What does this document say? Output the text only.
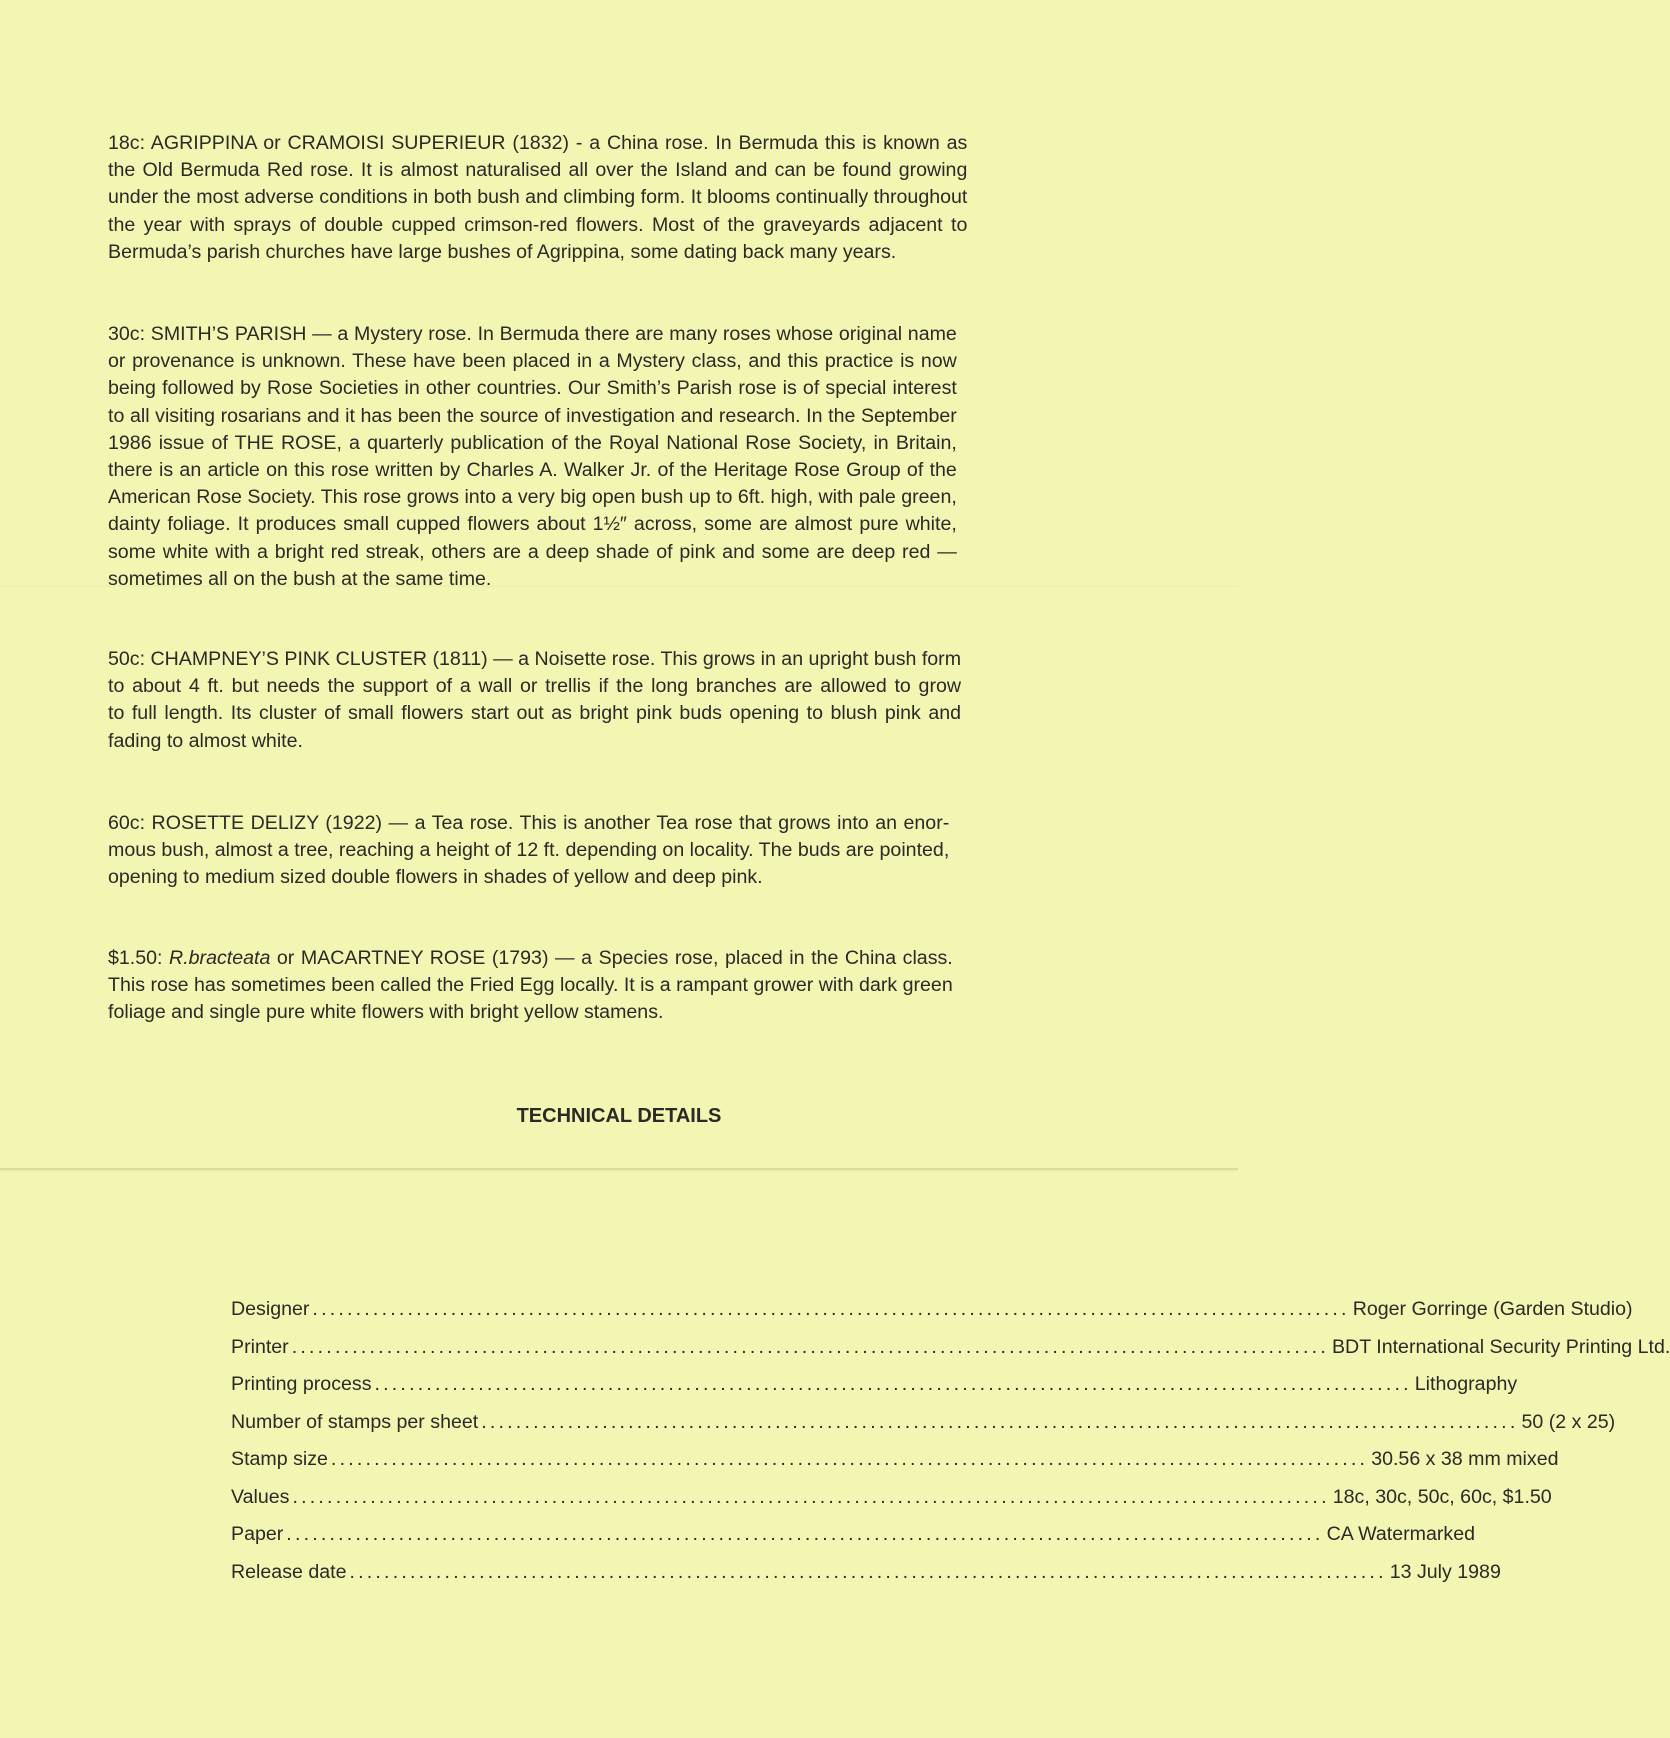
18c: AGRIPPINA or CRAMOISI SUPERIEUR (1832) - a China rose. In Bermuda this is known as
the Old Bermuda Red rose. It is almost naturalised all over the Island and can be found growing
under the most adverse conditions in both bush and climbing form. It blooms continually throughout
the year with sprays of double cupped crimson-red flowers. Most of the graveyards adjacent to
Bermuda’s parish churches have large bushes of Agrippina, some dating back many years.

30c: SMITH’S PARISH — a Mystery rose. In Bermuda there are many roses whose original name
or provenance is unknown. These have been placed in a Mystery class, and this practice is now
being followed by Rose Societies in other countries. Our Smith’s Parish rose is of special interest
to all visiting rosarians and it has been the source of investigation and research. In the September
1986 issue of THE ROSE, a quarterly publication of the Royal National Rose Society, in Britain,
there is an article on this rose written by Charles A. Walker Jr. of the Heritage Rose Group of the
American Rose Society. This rose grows into a very big open bush up to 6ft. high, with pale green,
dainty foliage. It produces small cupped flowers about 1½″ across, some are almost pure white,
some white with a bright red streak, others are a deep shade of pink and some are deep red —
sometimes all on the bush at the same time.

50c: CHAMPNEY’S PINK CLUSTER (1811) — a Noisette rose. This grows in an upright bush form
to about 4 ft. but needs the support of a wall or trellis if the long branches are allowed to grow
to full length. Its cluster of small flowers start out as bright pink buds opening to blush pink and
fading to almost white.

60c: ROSETTE DELIZY (1922) — a Tea rose. This is another Tea rose that grows into an enor-
mous bush, almost a tree, reaching a height of 12 ft. depending on locality. The buds are pointed,
opening to medium sized double flowers in shades of yellow and deep pink.

$1.50: R.bracteata or MACARTNEY ROSE (1793) — a Species rose, placed in the China class.
This rose has sometimes been called the Fried Egg locally. It is a rampant grower with dark green
foliage and single pure white flowers with bright yellow stamens.

TECHNICAL DETAILS
Designer ........................................................................................................................ Roger Gorringe (Garden Studio)
Printer ........................................................................................................................ BDT International Security Printing Ltd.
Printing process ........................................................................................................................ Lithography
Number of stamps per sheet ........................................................................................................................ 50 (2 x 25)
Stamp size ........................................................................................................................ 30.56 x 38 mm mixed
Values ........................................................................................................................ 18c, 30c, 50c, 60c, $1.50
Paper ........................................................................................................................ CA Watermarked
Release date ........................................................................................................................ 13 July 1989
